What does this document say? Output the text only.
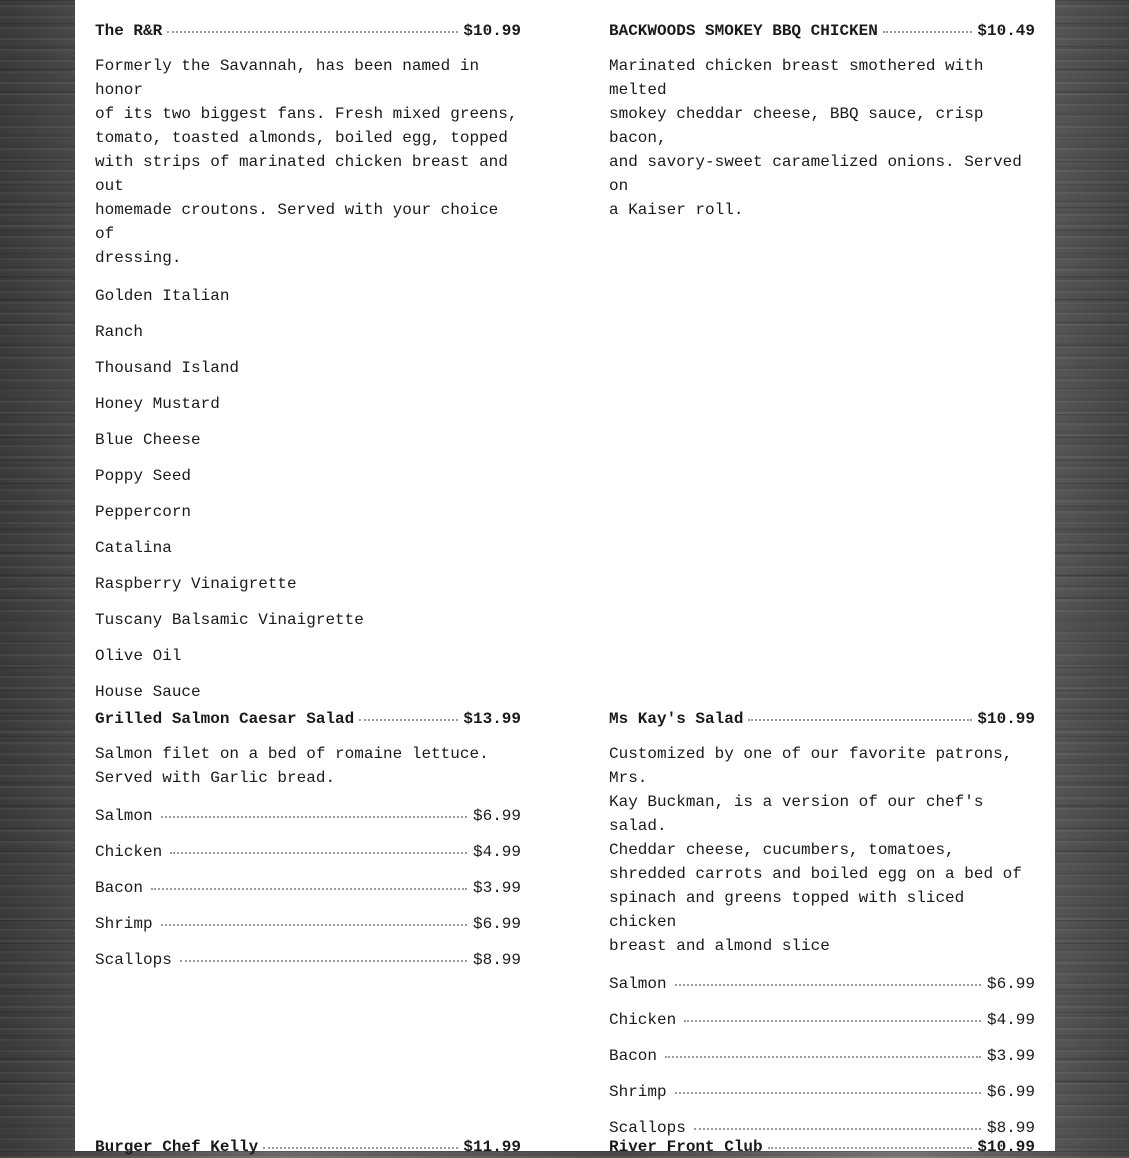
The R&R	$10.99
Formerly the Savannah, has been named in honor
of its two biggest fans. Fresh mixed greens,
tomato, toasted almonds, boiled egg, topped
with strips of marinated chicken breast and out
homemade croutons. Served with your choice of
dressing.
Golden Italian
Ranch
Thousand Island
Honey Mustard
Blue Cheese
Poppy Seed
Peppercorn
Catalina
Raspberry Vinaigrette
Tuscany Balsamic Vinaigrette
Olive Oil
House Sauce
BACKWOODS SMOKEY BBQ CHICKEN	$10.49
Marinated chicken breast smothered with melted
smokey cheddar cheese, BBQ sauce, crisp bacon,
and savory-sweet caramelized onions. Served on
a Kaiser roll.
Grilled Salmon Caesar Salad	$13.99
Salmon filet on a bed of romaine lettuce.
Served with Garlic bread.
Salmon	$6.99
Chicken	$4.99
Bacon	$3.99
Shrimp	$6.99
Scallops	$8.99
Ms Kay's Salad	$10.99
Customized by one of our favorite patrons, Mrs.
Kay Buckman, is a version of our chef's salad.
Cheddar cheese, cucumbers, tomatoes,
shredded carrots and boiled egg on a bed of
spinach and greens topped with sliced chicken
breast and almond slice
Salmon	$6.99
Chicken	$4.99
Bacon	$3.99
Shrimp	$6.99
Scallops	$8.99
Burger Chef Kelly	$11.99	River Front Club	$10.99
